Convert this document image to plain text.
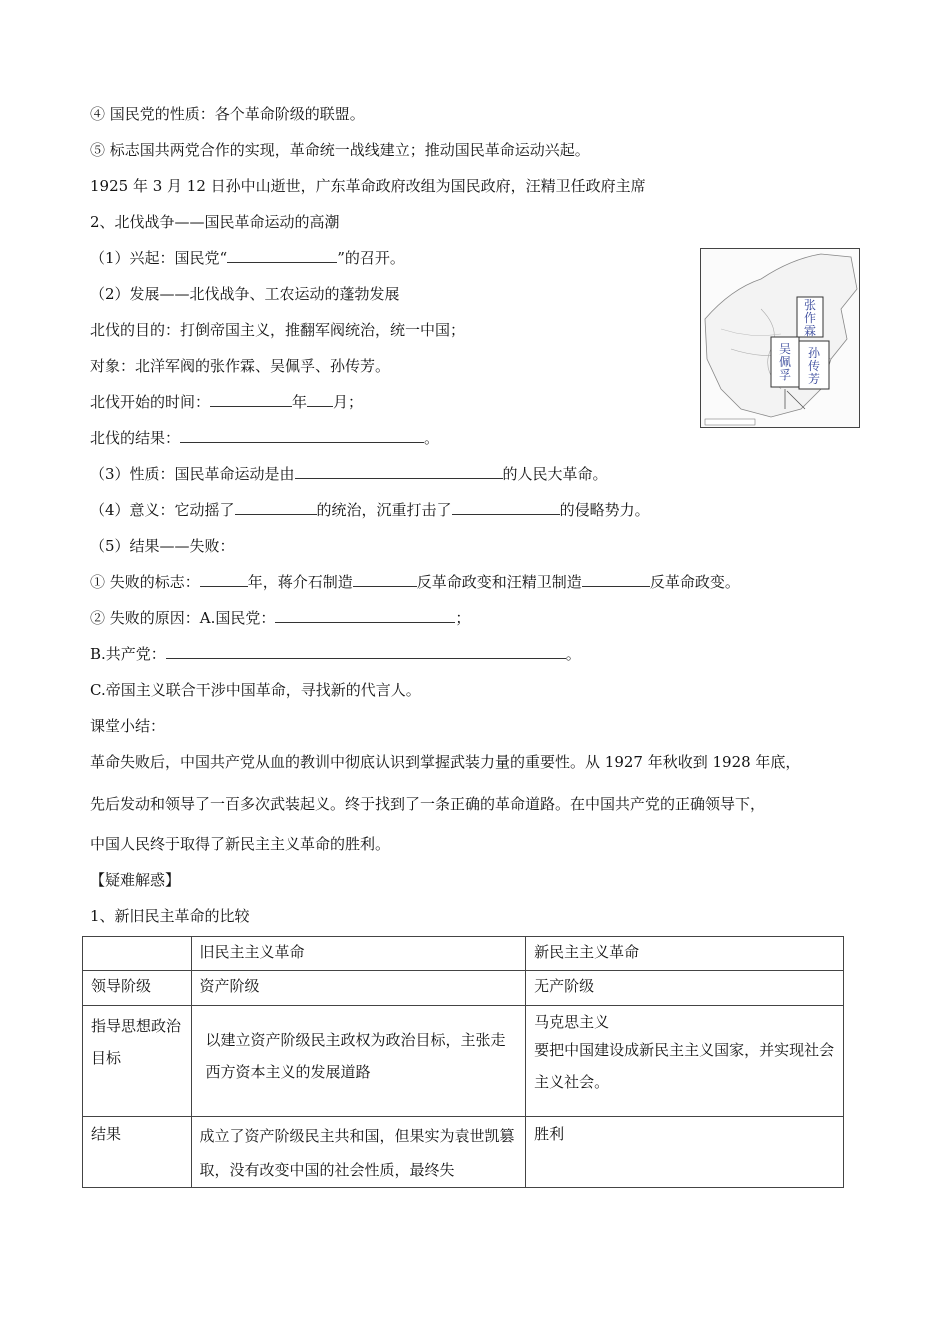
④ 国民党的性质：各个革命阶级的联盟。
⑤ 标志国共两党合作的实现，革命统一战线建立；推动国民革命运动兴起。
1925 年 3 月 12 日孙中山逝世，广东革命政府改组为国民政府，汪精卫任政府主席
2、北伐战争——国民革命运动的高潮
（1）兴起：国民党“	”的召开。
（2）发展——北伐战争、工农运动的蓬勃发展
北伐的目的：打倒帝国主义，推翻军阀统治，统一中国；
对象：北洋军阀的张作霖、吴佩孚、孙传芳。
北伐开始的时间：	年 月；
北伐的结果：	。
（3）性质：国民革命运动是由	的人民大革命。
（4）意义：它动摇了	的统治，沉重打击了	的侵略势力。
（5）结果——失败：
① 失败的标志：	年，蒋介石制造	反革命政变和汪精卫制造	反革命政变。
② 失败的原因：A.国民党：	；
B.共产党：	。
C.帝国主义联合干涉中国革命，寻找新的代言人。
课堂小结：
革命失败后，中国共产党从血的教训中彻底认识到掌握武装力量的重要性。从 1927 年秋收到 1928 年底，
先后发动和领导了一百多次武装起义。终于找到了一条正确的革命道路。在中国共产党的正确领导下，
中国人民终于取得了新民主主义革命的胜利。
【疑难解惑】
1、新旧民主革命的比较
张作霖
吴佩孚
孙传芳
	旧民主主义革命	新民主主义革命
领导阶级	资产阶级	无产阶级
指导思想政治目标	以建立资产阶级民主政权为政治目标，主张走西方资本主义的发展道路	马克思主义
要把中国建设成新民主主义国家，并实现社会主义社会。

结果	成立了资产阶级民主共和国，但果实为袁世凯篡取，没有改变中国的社会性质，最终失	胜利
